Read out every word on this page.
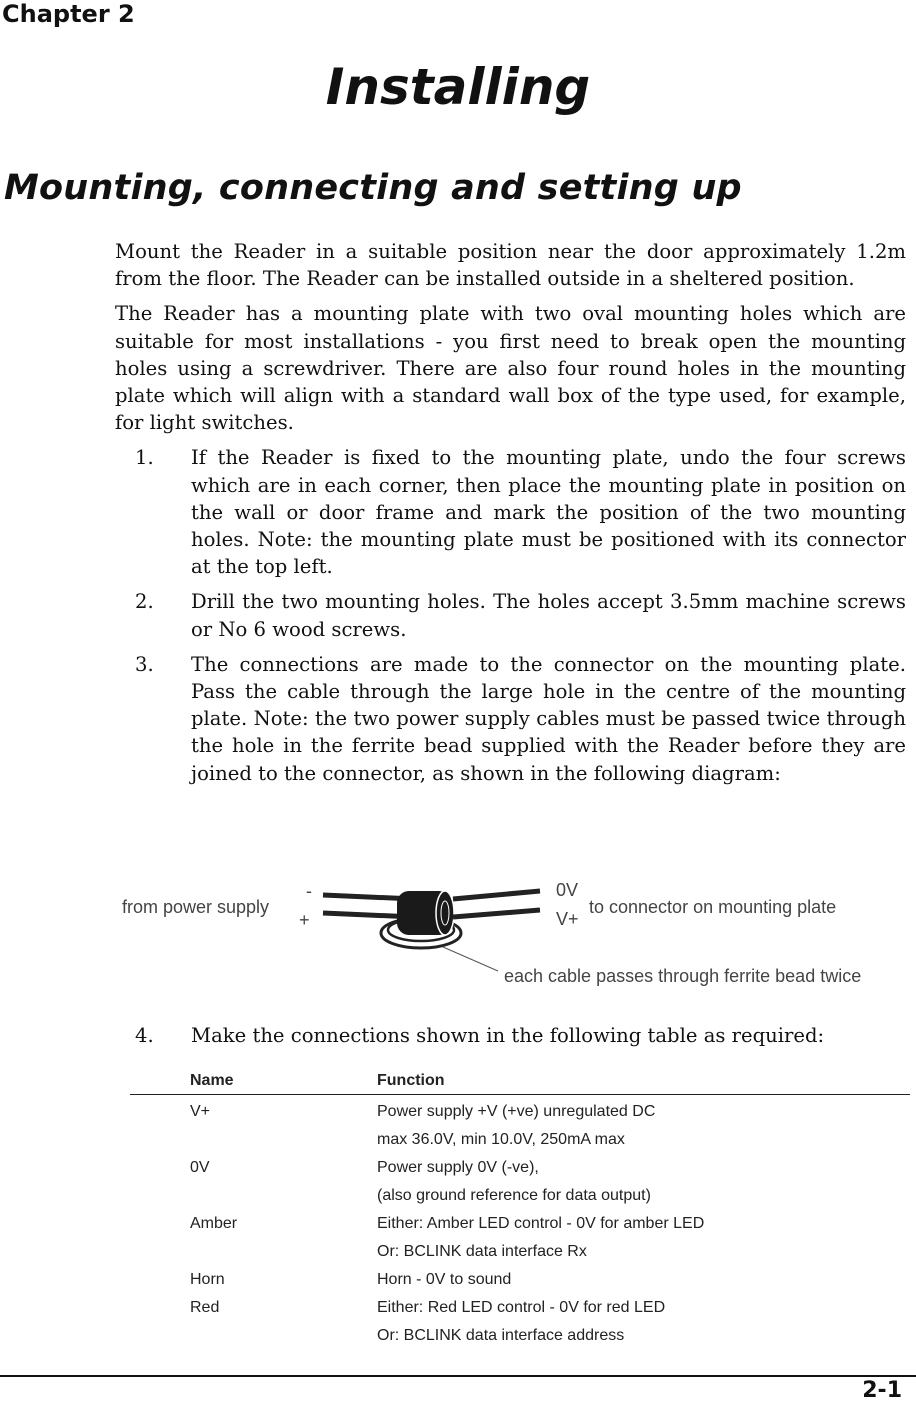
Chapter 2
Installing
Mounting, connecting and setting up

Mount the Reader in a suitable position near the door approximately 1.2m from the floor. The Reader can be installed outside in a sheltered position.

The Reader has a mounting plate with two oval mounting holes which are suitable for most installations - you first need to break open the mounting holes using a screwdriver. There are also four round holes in the mounting plate which will align with a standard wall box of the type used, for example, for light switches.

1. If the Reader is fixed to the mounting plate, undo the four screws which are in each corner, then place the mounting plate in position on the wall or door frame and mark the position of the two mounting holes. Note: the mounting plate must be positioned with its connector at the top left.
2. Drill the two mounting holes. The holes accept 3.5mm machine screws or No 6 wood screws.
3. The connections are made to the connector on the mounting plate. Pass the cable through the large hole in the centre of the mounting plate. Note: the two power supply cables must be passed twice through the hole in the ferrite bead supplied with the Reader before they are joined to the connector, as shown in the following diagram:
from power supply
-
+
0V
V+
to connector on mounting plate
each cable passes through ferrite bead twice
4. Make the connections shown in the following table as required:
Name	Function
V+	Power supply +V (+ve) unregulated DC
max 36.0V, min 10.0V, 250mA max
0V	Power supply 0V (-ve),
(also ground reference for data output)
Amber	Either: Amber LED control - 0V for amber LED
Or: BCLINK data interface Rx
Horn	Horn - 0V to sound
Red	Either: Red LED control - 0V for red LED
Or: BCLINK data interface address
2-1
